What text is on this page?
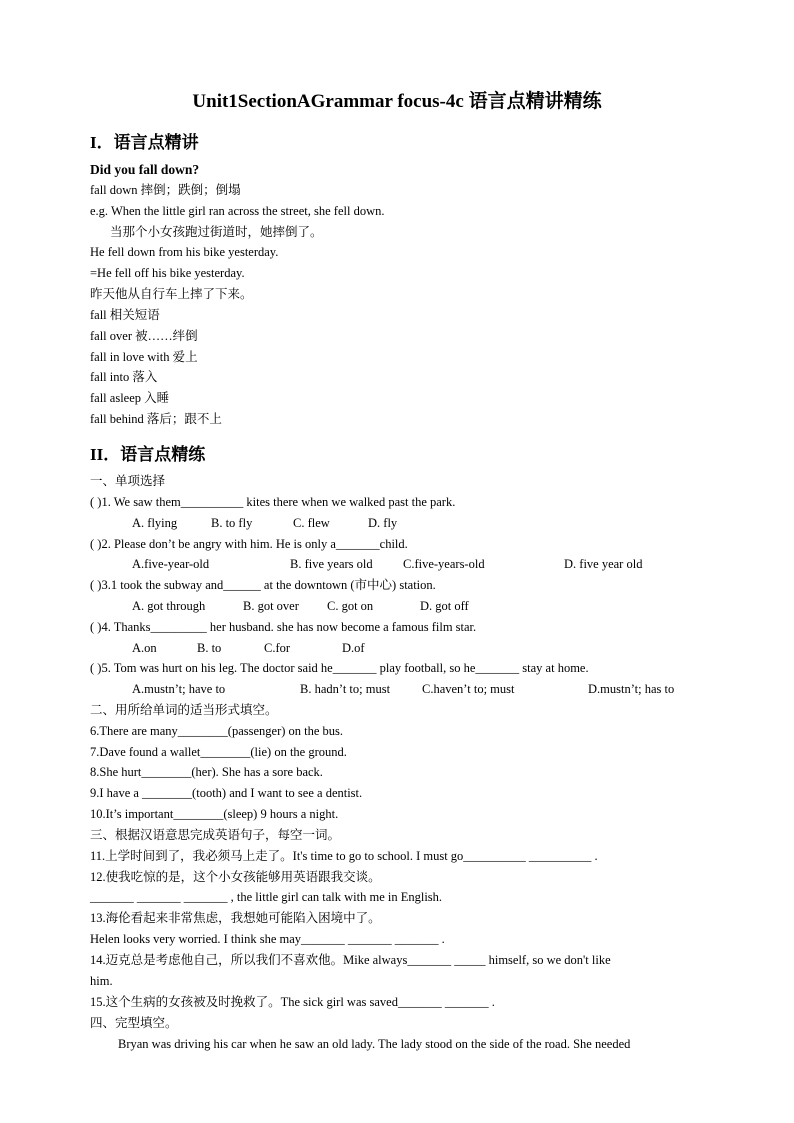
Unit1SectionAGrammar focus-4c 语言点精讲精练
I．语言点精讲
Did you fall down?
fall down 摔倒；跌倒；倒塌
e.g. When the little girl ran across the street, she fell down.
当那个小女孩跑过街道时，她摔倒了。
He fell down from his bike yesterday.
=He fell off his bike yesterday.
昨天他从自行车上摔了下来。
fall 相关短语
fall over 被……绊倒
fall in love with 爱上
fall into 落入
fall asleep 入睡
fall behind 落后；跟不上
II．语言点精练
一、单项选择
( )1. We saw them__________ kites there when we walked past the park.
A. flying	B. to fly	C. flew	D. fly
( )2. Please don’t be angry with him. He is only a_______child.
A.five-year-old	B. five years old C.five-years-old	D. five year old
( )3.1 took the subway and______ at the downtown (市中心) station.
A. got through	B. got over C. got on	D. got off
( )4. Thanks_________ her husband. she has now become a famous film star.
A.on	B. to	C.for	D.of
( )5. Tom was hurt on his leg. The doctor said he_______ play football, so he_______ stay at home.
A.mustn’t; have to	B. hadn’t to; must	C.haven’t to; must	D.mustn’t; has to
二、用所给单词的适当形式填空。
6.There are many________(passenger) on the bus.
7.Dave found a wallet________(lie) on the ground.
8.She hurt________(her). She has a sore back.
9.I have a ________(tooth) and I want to see a dentist.
10.It’s important________(sleep) 9 hours a night.
三、根据汉语意思完成英语句子，每空一词。
11.上学时间到了，我必须马上走了。It's time to go to school. I must go__________ __________ .
12.使我吃惊的是，这个小女孩能够用英语跟我交谈。
_______ _______ _______ , the little girl can talk with me in English.
13.海伦看起来非常焦虑，我想她可能陷入困境中了。
Helen looks very worried. I think she may_______ _______ _______ .
14.迈克总是考虑他自己，所以我们不喜欢他。Mike always_______ _____ himself, so we don't like
him.
15.这个生病的女孩被及时挽救了。The sick girl was saved_______ _______ .
四、完型填空。
Bryan was driving his car when he saw an old lady. The lady stood on the side of the road. She needed
